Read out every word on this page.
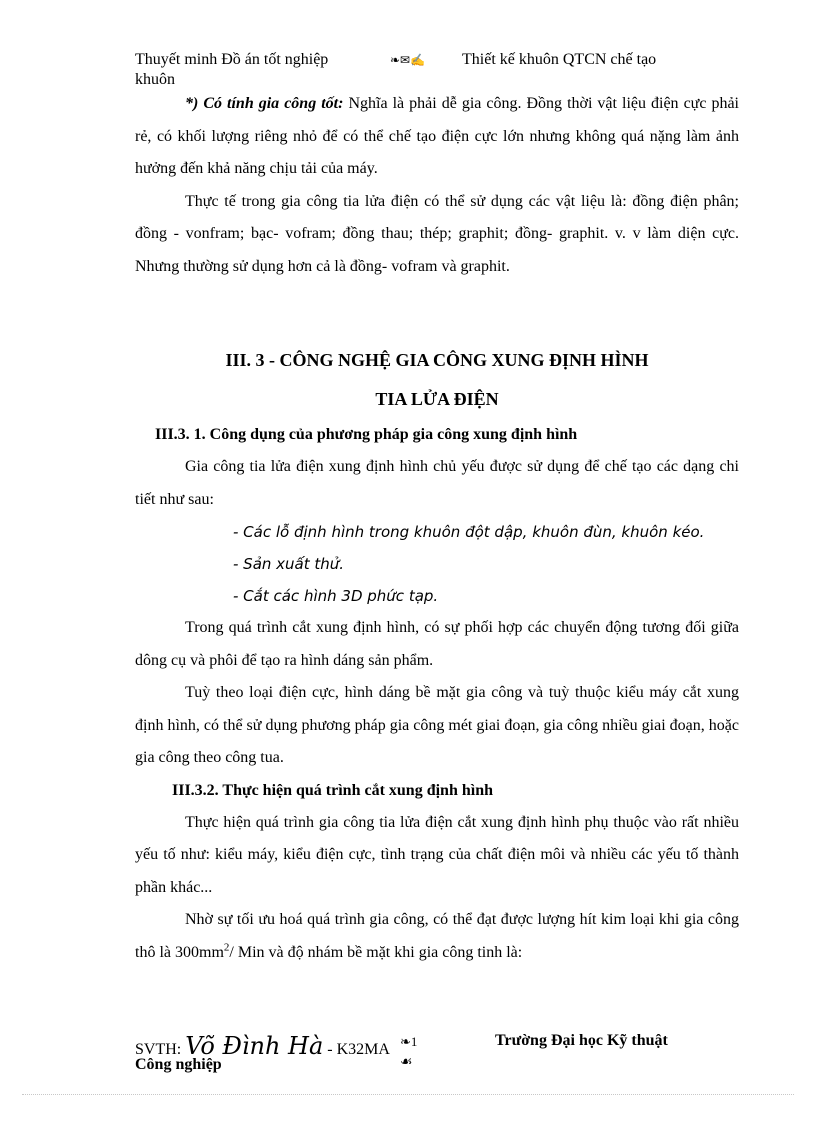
Thuyết minh Đồ án tốt nghiệp	❧✉✍ Thiết kế khuôn QTCN chế tạo
khuôn

*) Có tính gia công tốt: Nghĩa là phải dễ gia công. Đồng thời vật liệu điện cực phải rẻ, có khối lượng riêng nhỏ để có thể chế tạo điện cực lớn nhưng không quá nặng làm ảnh hưởng đến khả năng chịu tải của máy.

Thực tế trong gia công tia lửa điện có thể sử dụng các vật liệu là: đồng điện phân; đồng - vonfram; bạc- vofram; đồng thau; thép; graphit; đồng- graphit. v. v làm diện cực. Nhưng thường sử dụng hơn cả là đồng- vofram và graphit.

III. 3 - CÔNG NGHỆ GIA CÔNG XUNG ĐỊNH HÌNH
TIA LỬA ĐIỆN
III.3. 1. Công dụng của phương pháp gia công xung định hình

Gia công tia lửa điện xung định hình chủ yếu được sử dụng để chế tạo các dạng chi tiết như sau:

- Các lỗ định hình trong khuôn đột dập, khuôn đùn, khuôn kéo.
- Sản xuất thử.
- Cắt các hình 3D phức tạp.

Trong quá trình cắt xung định hình, có sự phối hợp các chuyển động tương đối giữa dông cụ và phôi để tạo ra hình dáng sản phẩm.

Tuỳ theo loại điện cực, hình dáng bề mặt gia công và tuỳ thuộc kiểu máy cắt xung định hình, có thể sử dụng phương pháp gia công mét giai đoạn, gia công nhiều giai đoạn, hoặc gia công theo công tua.

III.3.2. Thực hiện quá trình cắt xung định hình

Thực hiện quá trình gia công tia lửa điện cắt xung định hình phụ thuộc vào rất nhiều yếu tố như: kiểu máy, kiểu điện cực, tình trạng của chất điện môi và nhiều các yếu tố thành phần khác...

Nhờ sự tối ưu hoá quá trình gia công, có thể đạt được lượng hít kim loại khi gia công thô là $300mm^2/$ Min và độ nhám bề mặt khi gia công tinh là:

SVTH: Võ Đình Hà - K32MA ❧1	Trường Đại học Kỹ thuật
Công nghiệp	☙
